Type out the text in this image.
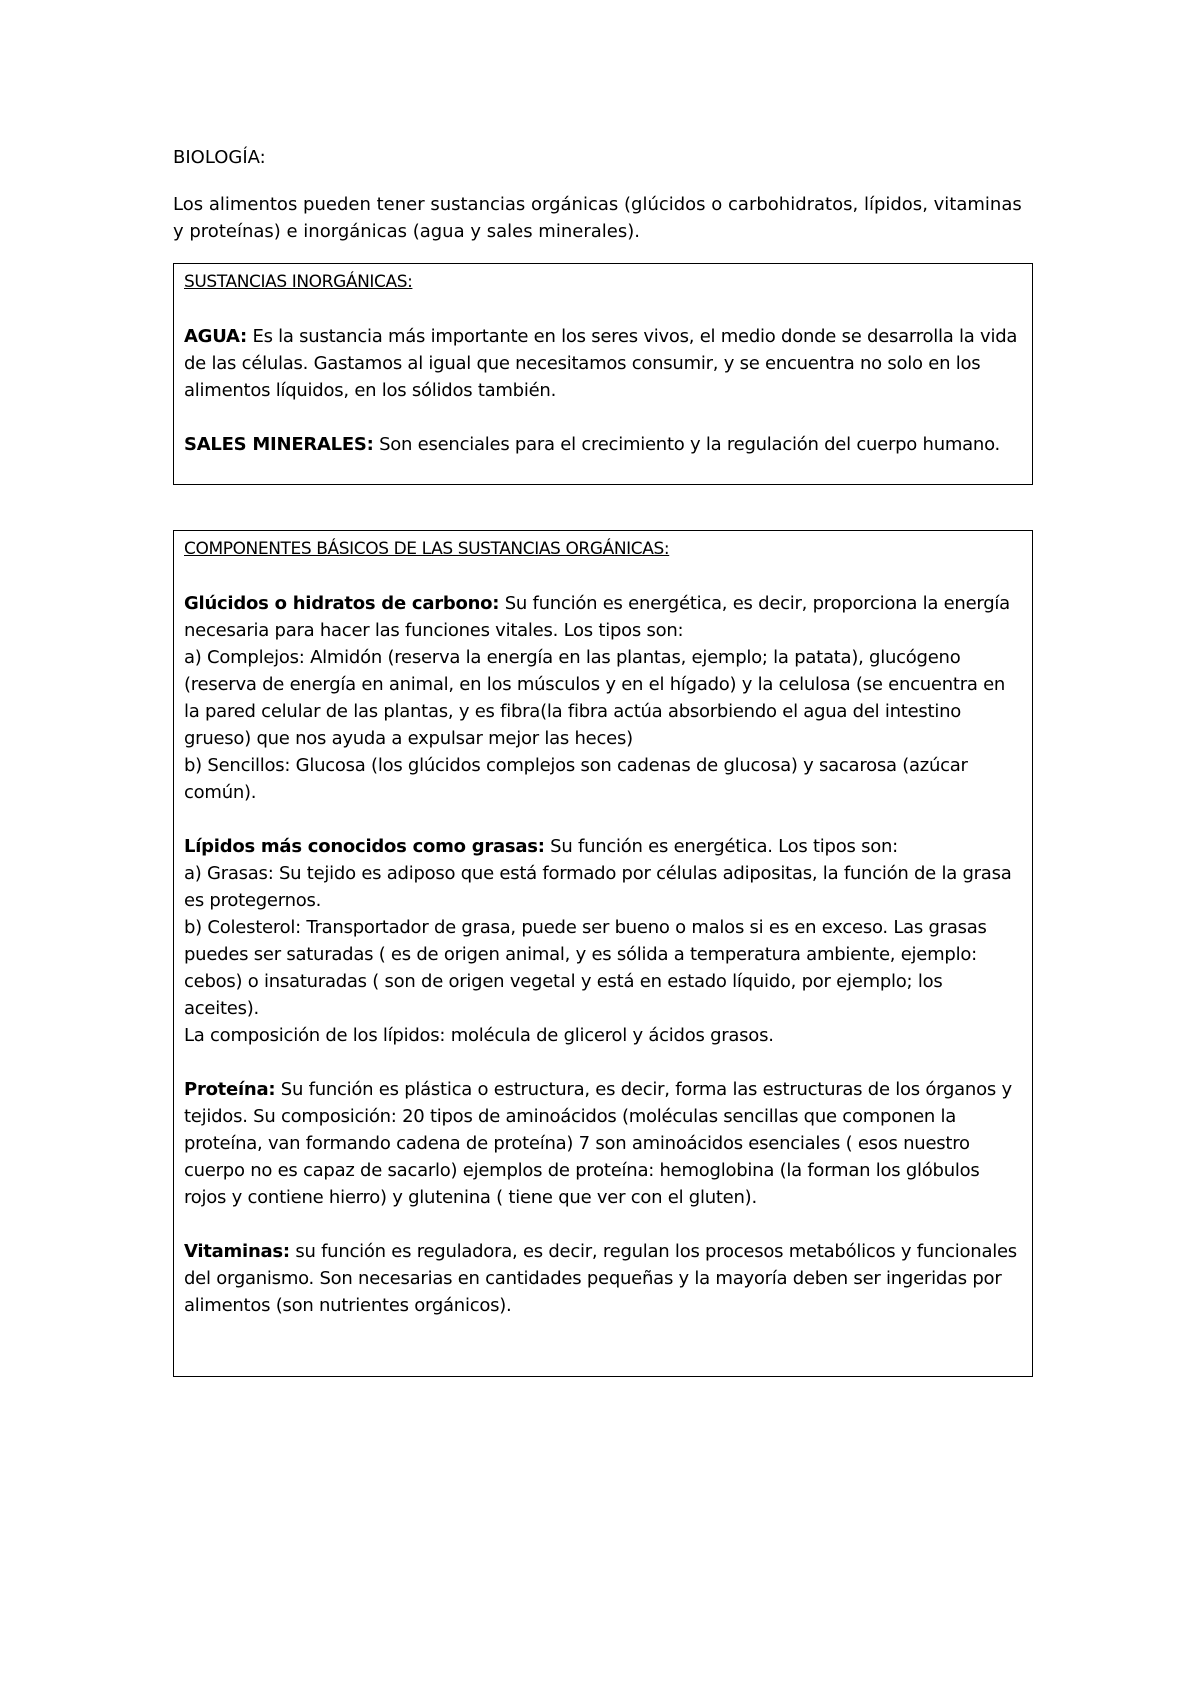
BIOLOGÍA:
Los alimentos pueden tener sustancias orgánicas (glúcidos o carbohidratos, lípidos, vitaminas y proteínas) e inorgánicas (agua y sales minerales).

SUSTANCIAS INORGÁNICAS:

AGUA: Es la sustancia más importante en los seres vivos, el medio donde se desarrolla la vida de las células. Gastamos al igual que necesitamos consumir, y se encuentra no solo en los alimentos líquidos, en los sólidos también.

SALES MINERALES: Son esenciales para el crecimiento y la regulación del cuerpo humano.

COMPONENTES BÁSICOS DE LAS SUSTANCIAS ORGÁNICAS:

Glúcidos o hidratos de carbono: Su función es energética, es decir, proporciona la energía necesaria para hacer las funciones vitales. Los tipos son:

a) Complejos: Almidón (reserva la energía en las plantas, ejemplo; la patata), glucógeno (reserva de energía en animal, en los músculos y en el hígado) y la celulosa (se encuentra en la pared celular de las plantas, y es fibra(la fibra actúa absorbiendo el agua del intestino grueso) que nos ayuda a expulsar mejor las heces)

b) Sencillos: Glucosa (los glúcidos complejos son cadenas de glucosa) y sacarosa (azúcar común).

Lípidos más conocidos como grasas: Su función es energética. Los tipos son:

a) Grasas: Su tejido es adiposo que está formado por células adipositas, la función de la grasa es protegernos.

b) Colesterol: Transportador de grasa, puede ser bueno o malos si es en exceso. Las grasas puedes ser saturadas ( es de origen animal, y es sólida a temperatura ambiente, ejemplo: cebos) o insaturadas ( son de origen vegetal y está en estado líquido, por ejemplo; los aceites).

La composición de los lípidos: molécula de glicerol y ácidos grasos.

Proteína: Su función es plástica o estructura, es decir, forma las estructuras de los órganos y tejidos. Su composición: 20 tipos de aminoácidos (moléculas sencillas que componen la proteína, van formando cadena de proteína) 7 son aminoácidos esenciales ( esos nuestro cuerpo no es capaz de sacarlo) ejemplos de proteína: hemoglobina (la forman los glóbulos rojos y contiene hierro) y glutenina ( tiene que ver con el gluten).

Vitaminas: su función es reguladora, es decir, regulan los procesos metabólicos y funcionales del organismo. Son necesarias en cantidades pequeñas y la mayoría deben ser ingeridas por alimentos (son nutrientes orgánicos).
